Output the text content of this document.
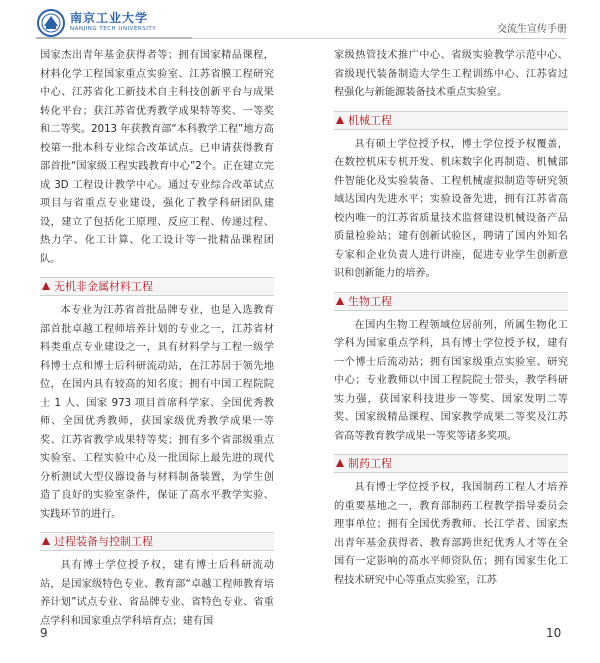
南京工业大学
NANJING TECH UNIVERSITY	交流生宣传手册

国家杰出青年基金获得者等；拥有国家精品课程，材料化学工程国家重点实验室、江苏省膜工程研究中心、江苏省化工新技术自主科技创新平台与成果转化平台；获江苏省优秀教学成果特等奖、一等奖和二等奖。2013 年获教育部“本科教学工程”地方高校第一批本科专业综合改革试点。已申请获得教育部首批“国家级工程实践教育中心”2个。正在建立完成 3D 工程设计教学中心。通过专业综合改革试点项目与省重点专业建设，强化了教学科研团队建设，建立了包括化工原理、反应工程、传递过程、热力学、化工计算、化工设计等一批精品课程团队。

无机非金属材料工程

本专业为江苏省首批品牌专业，也是入选教育部首批卓越工程师培养计划的专业之一，江苏省材料类重点专业建设之一，具有材料学与工程一级学科博士点和博士后科研流动站，在江苏居于领先地位，在国内具有较高的知名度；拥有中国工程院院士 1 人、国家 973 项目首席科学家、全国优秀教师、全国优秀教师，获国家级优秀教学成果一等奖、江苏省教学成果特等奖；拥有多个省部级重点实验室、工程实验中心及一批国际上最先进的现代分析测试大型仪器设备与材料制备装置，为学生创造了良好的实验室条件，保证了高水平教学实验、实践环节的进行。

过程装备与控制工程

具有博士学位授予权，建有博士后科研流动站，是国家级特色专业、教育部“卓越工程师教育培养计划”试点专业、省品牌专业、省特色专业、省重点学科和国家重点学科培育点；建有国

家级热管技术推广中心、省级实验教学示范中心、省级现代装备制造大学生工程训练中心、江苏省过程强化与新能源装备技术重点实验室。

机械工程

具有硕士学位授予权，博士学位授予权覆盖，在数控机床专机开发、机床数字化再制造、机械部件智能化及实验装备、工程机械虚拟制造等研究领域达国内先进水平；实验设备先进，拥有江苏省高校内唯一的江苏省质量技术监督建设机械设备产品质量检验站；建有创新试验区，聘请了国内外知名专家和企业负责人进行讲座，促进专业学生创新意识和创新能力的培养。

生物工程

在国内生物工程领域位居前列，所属生物化工学科为国家重点学科，具有博士学位授予权，建有一个博士后流动站；拥有国家级重点实验室、研究中心；专业教师以中国工程院院士带头，教学科研实力强，获国家科技进步一等奖、国家发明二等奖、国家级精品课程、国家教学成果二等奖及江苏省高等教育教学成果一等奖等诸多奖项。

制药工程

具有博士学位授予权，我国制药工程人才培养的重要基地之一，教育部制药工程教学指导委员会理事单位；拥有全国优秀教师、长江学者、国家杰出青年基金获得者、教育部跨世纪优秀人才等在全国有一定影响的高水平师资队伍；拥有国家生化工程技术研究中心等重点实验室，江苏

9	10
